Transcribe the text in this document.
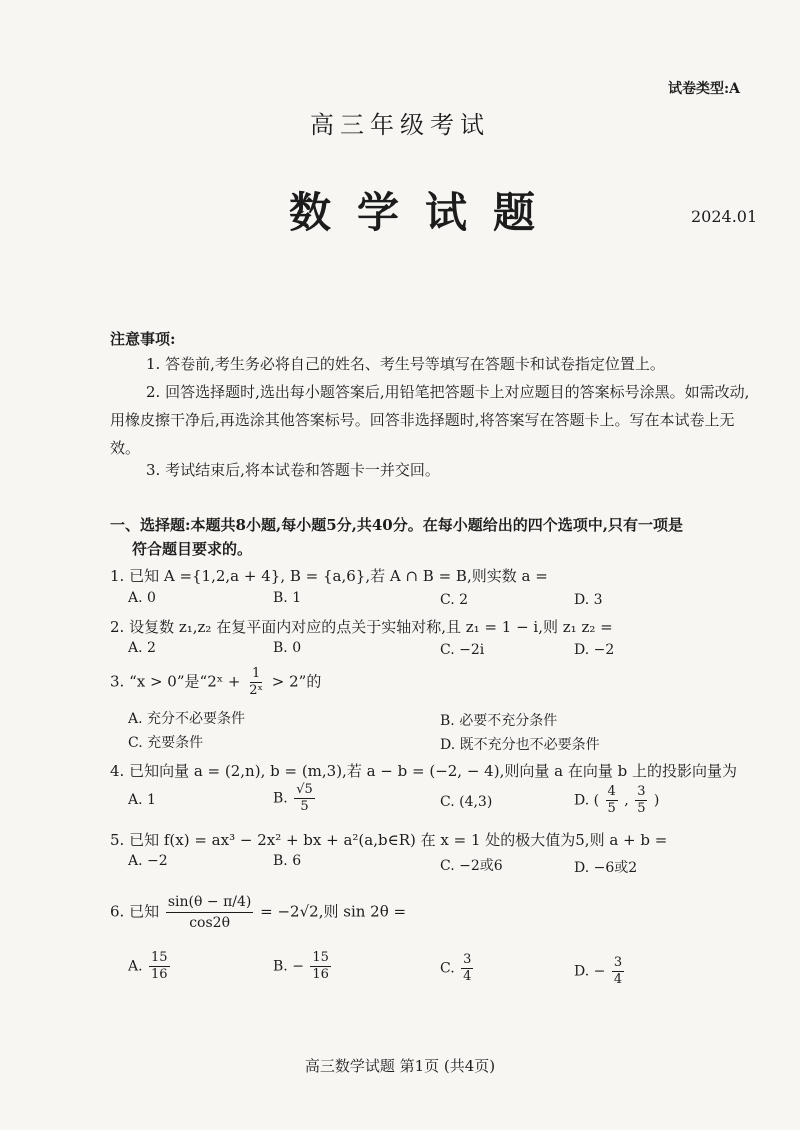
试卷类型:A
高三年级考试
数学试题	2024.01
注意事项:
1. 答卷前,考生务必将自己的姓名、考生号等填写在答题卡和试卷指定位置上。
2. 回答选择题时,选出每小题答案后,用铅笔把答题卡上对应题目的答案标号涂黑。如需改动,用橡皮擦干净后,再选涂其他答案标号。回答非选择题时,将答案写在答题卡上。写在本试卷上无效。
3. 考试结束后,将本试卷和答题卡一并交回。
一、选择题:本题共8小题,每小题5分,共40分。在每小题给出的四个选项中,只有一项是
符合题目要求的。
1. 已知 A ={1,2,a + 4}, B = {a,6},若 A ∩ B = B,则实数 a =
A. 0	B. 1	C. 2	D. 3
2. 设复数 z₁,z₂ 在复平面内对应的点关于实轴对称,且 z₁ = 1 − i,则 z₁ z₂ =
A. 2	B. 0	C. −2i	D. −2
3. “x > 0”是“2ˣ + $\frac{1}{\text{2ˣ}} > 2$”的
A. 充分不必要条件	B. 必要不充分条件
C. 充要条件	D. 既不充分也不必要条件
4. 已知向量 a = (2,n), b = (m,3),若 a − b = (−2, − 4),则向量 a 在向量 b 上的投影向量为
A. 1	B. $\frac{√5}{5}$	C. (4,3)	D. ( $\frac{4}{5}$ , $\frac{3}{5}$ )
5. 已知 f(x) = ax³ − 2x² + bx + a²(a,b∈R) 在 x = 1 处的极大值为5,则 a + b =
A. −2	B. 6	C. −2或6	D. −6或2
6. 已知 $\frac{\sin(\theta - \pi/4)}{\cos 2\theta} = -2√2$,则 sin 2θ =
A. $\frac{15}{16}$	B. − $\frac{15}{16}$	C. $\frac{3}{4}$	D. − $\frac{3}{4}$
高三数学试题 第1页 (共4页)
